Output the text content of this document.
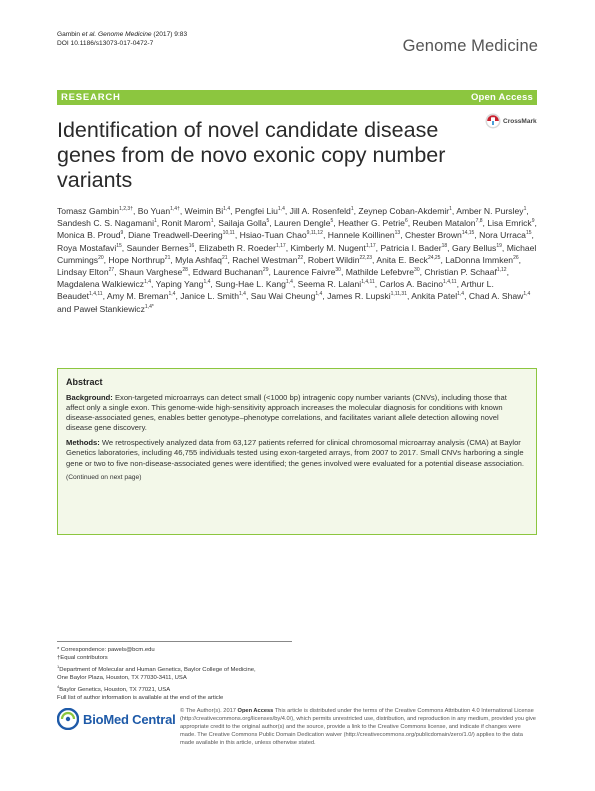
Gambin et al. Genome Medicine (2017) 9:83
DOI 10.1186/s13073-017-0472-7	Genome Medicine
RESEARCH	Open Access
Identification of novel candidate disease genes from de novo exonic copy number variants
CrossMark
Tomasz Gambin$^{1,2,3\dagger}$, Bo Yuan$^{1,4\dagger}$, Weimin Bi$^{1,4}$, Pengfei Liu$^{1,4}$, Jill A. Rosenfeld$^1$, Zeynep Coban-Akdemir$^1$, Amber N. Pursley$^1$, Sandesh C. S. Nagamani$^1$, Ronit Marom$^1$, Sailaja Golla$^5$, Lauren Dengle$^5$, Heather G. Petrie$^6$, Reuben Matalon$^{7,8}$, Lisa Emrick$^9$, Monica B. Proud$^9$, Diane Treadwell-Deering$^{10,11}$, Hsiao-Tuan Chao$^{9,11,12}$, Hannele Koillinen$^{13}$, Chester Brown$^{14,15}$, Nora Urraca$^{15}$, Roya Mostafavi$^{15}$, Saunder Bernes$^{16}$, Elizabeth R. Roeder$^{1,17}$, Kimberly M. Nugent$^{1,17}$, Patricia I. Bader$^{18}$, Gary Bellus$^{19}$, Michael Cummings$^{20}$, Hope Northrup$^{21}$, Myla Ashfaq$^{21}$, Rachel Westman$^{22}$, Robert Wildin$^{22,23}$, Anita E. Beck$^{24,25}$, LaDonna Immken$^{26}$, Lindsay Elton$^{27}$, Shaun Varghese$^{28}$, Edward Buchanan$^{29}$, Laurence Faivre$^{30}$, Mathilde Lefebvre$^{30}$, Christian P. Schaaf$^{1,12}$, Magdalena Walkiewicz$^{1,4}$, Yaping Yang$^{1,4}$, Sung-Hae L. Kang$^{1,4}$, Seema R. Lalani$^{1,4,11}$, Carlos A. Bacino$^{1,4,11}$, Arthur L. Beaudet$^{1,4,11}$, Amy M. Breman$^{1,4}$, Janice L. Smith$^{1,4}$, Sau Wai Cheung$^{1,4}$, James R. Lupski$^{1,11,31}$, Ankita Patel$^{1,4}$, Chad A. Shaw$^{1,4}$ and Paweł Stankiewicz$^{1,4*}$
Abstract

Background: Exon-targeted microarrays can detect small (<1000 bp) intragenic copy number variants (CNVs), including those that affect only a single exon. This genome-wide high-sensitivity approach increases the molecular diagnosis for conditions with known disease-associated genes, enables better genotype–phenotype correlations, and facilitates variant allele detection allowing novel disease gene discovery.

Methods: We retrospectively analyzed data from 63,127 patients referred for clinical chromosomal microarray analysis (CMA) at Baylor Genetics laboratories, including 46,755 individuals tested using exon-targeted arrays, from 2007 to 2017. Small CNVs harboring a single gene or two to five non-disease-associated genes were identified; the genes involved were evaluated for a potential disease association.

(Continued on next page)
* Correspondence: pawels@bcm.edu
†Equal contributors
$^1$Department of Molecular and Human Genetics, Baylor College of Medicine,
One Baylor Plaza, Houston, TX 77030-3411, USA
$^4$Baylor Genetics, Houston, TX 77021, USA
Full list of author information is available at the end of the article
BioMed Central
© The Author(s). 2017 Open Access This article is distributed under the terms of the Creative Commons Attribution 4.0 International License (http://creativecommons.org/licenses/by/4.0/), which permits unrestricted use, distribution, and reproduction in any medium, provided you give appropriate credit to the original author(s) and the source, provide a link to the Creative Commons license, and indicate if changes were made. The Creative Commons Public Domain Dedication waiver (http://creativecommons.org/publicdomain/zero/1.0/) applies to the data made available in this article, unless otherwise stated.
